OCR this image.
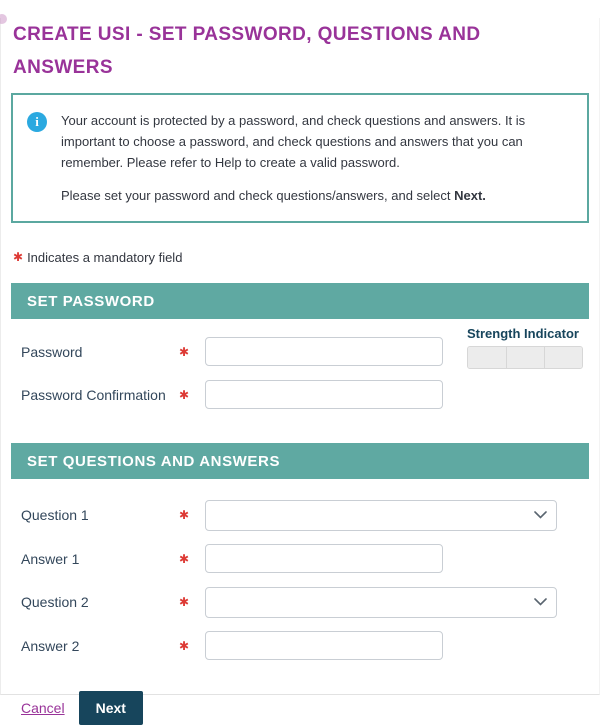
CREATE USI - SET PASSWORD, QUESTIONS AND ANSWERS
i	Your account is protected by a password, and check questions and answers. It is important to choose a password, and check questions and answers that you can remember. Please refer to Help to create a valid password.

Please set your password and check questions/answers, and select Next.

✱ Indicates a mandatory field
SET PASSWORD
Password	✱
Password Confirmation	✱
Strength Indicator
SET QUESTIONS AND ANSWERS
Question 1	✱
Answer 1	✱
Question 2	✱
Answer 2	✱
Cancel	Next
